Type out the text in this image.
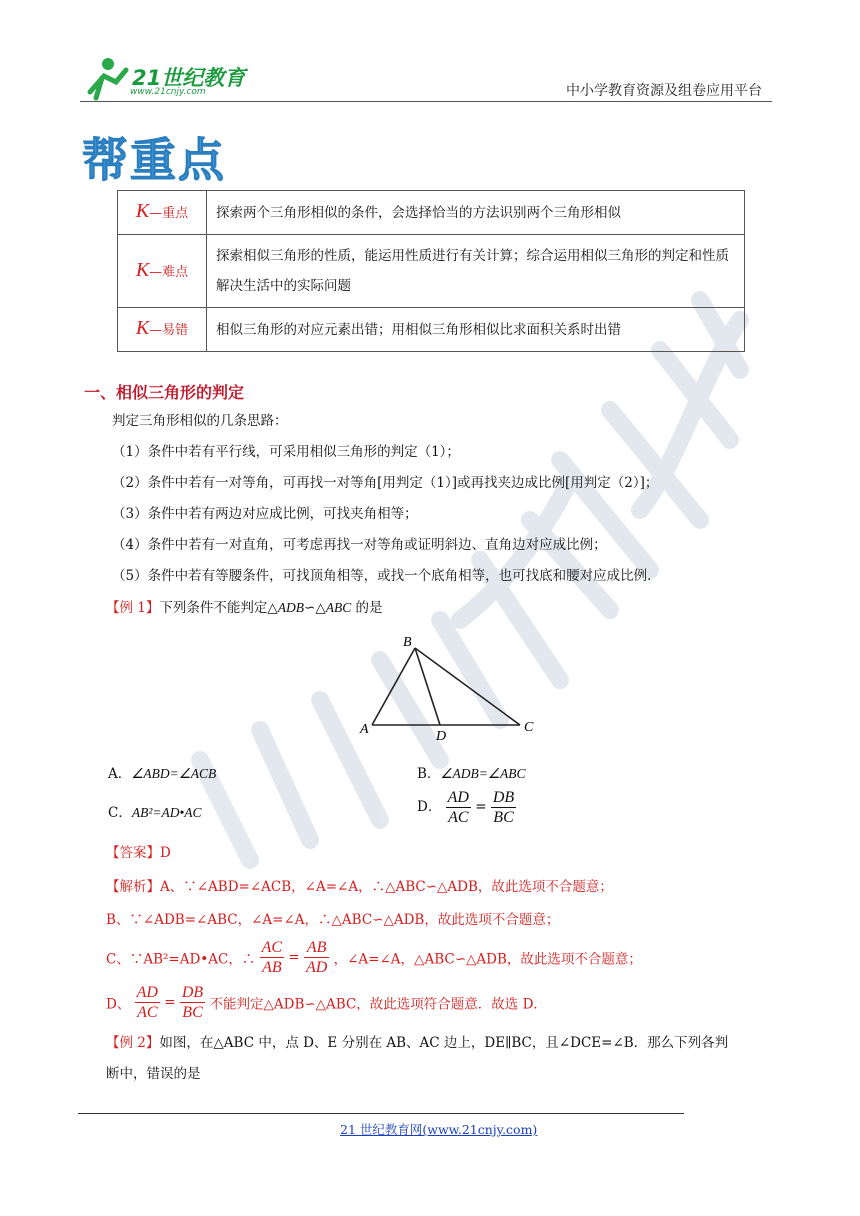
21世纪教育
www.21cnjy.com	中小学教育资源及组卷应用平台
帮重点
K—重点	探索两个三角形相似的条件，会选择恰当的方法识别两个三角形相似
K—难点	探索相似三角形的性质，能运用性质进行有关计算；综合运用相似三角形的判定和性质解决生活中的实际问题
K—易错	相似三角形的对应元素出错；用相似三角形相似比求面积关系时出错
一、相似三角形的判定
判定三角形相似的几条思路：
（1）条件中若有平行线，可采用相似三角形的判定（1）；
（2）条件中若有一对等角，可再找一对等角[用判定（1）]或再找夹边成比例[用判定（2）]；
（3）条件中若有两边对应成比例，可找夹角相等；
（4）条件中若有一对直角，可考虑再找一对等角或证明斜边、直角边对应成比例；
（5）条件中若有等腰条件，可找顶角相等，或找一个底角相等，也可找底和腰对应成比例．
【例 1】下列条件不能判定△ADB∽△ABC 的是
B
A	D
C
A．∠ABD=∠ACB	B．∠ADB=∠ABC
C．AB²=AD•AC	D． $\frac{AD}{AC} = \frac{DB}{BC}$
【答案】D
【解析】A、∵∠ABD=∠ACB，∠A=∠A，∴△ABC∽△ADB，故此选项不合题意；
B、∵∠ADB=∠ABC，∠A=∠A，∴△ABC∽△ADB，故此选项不合题意；
C、∵AB²=AD•AC，∴ $\frac{AC}{AB} = \frac{AB}{AD}$ ，∠A=∠A，△ABC∽△ADB，故此选项不合题意；
D、 $\frac{AD}{AC} = \frac{DB}{BC}$ 不能判定△ADB∽△ABC，故此选项符合题意．故选 D．
【例 2】如图，在△ABC 中，点 D、E 分别在 AB、AC 边上，DE∥BC，且∠DCE=∠B．那么下列各判
断中，错误的是
21 世纪教育网(www.21cnjy.com)
